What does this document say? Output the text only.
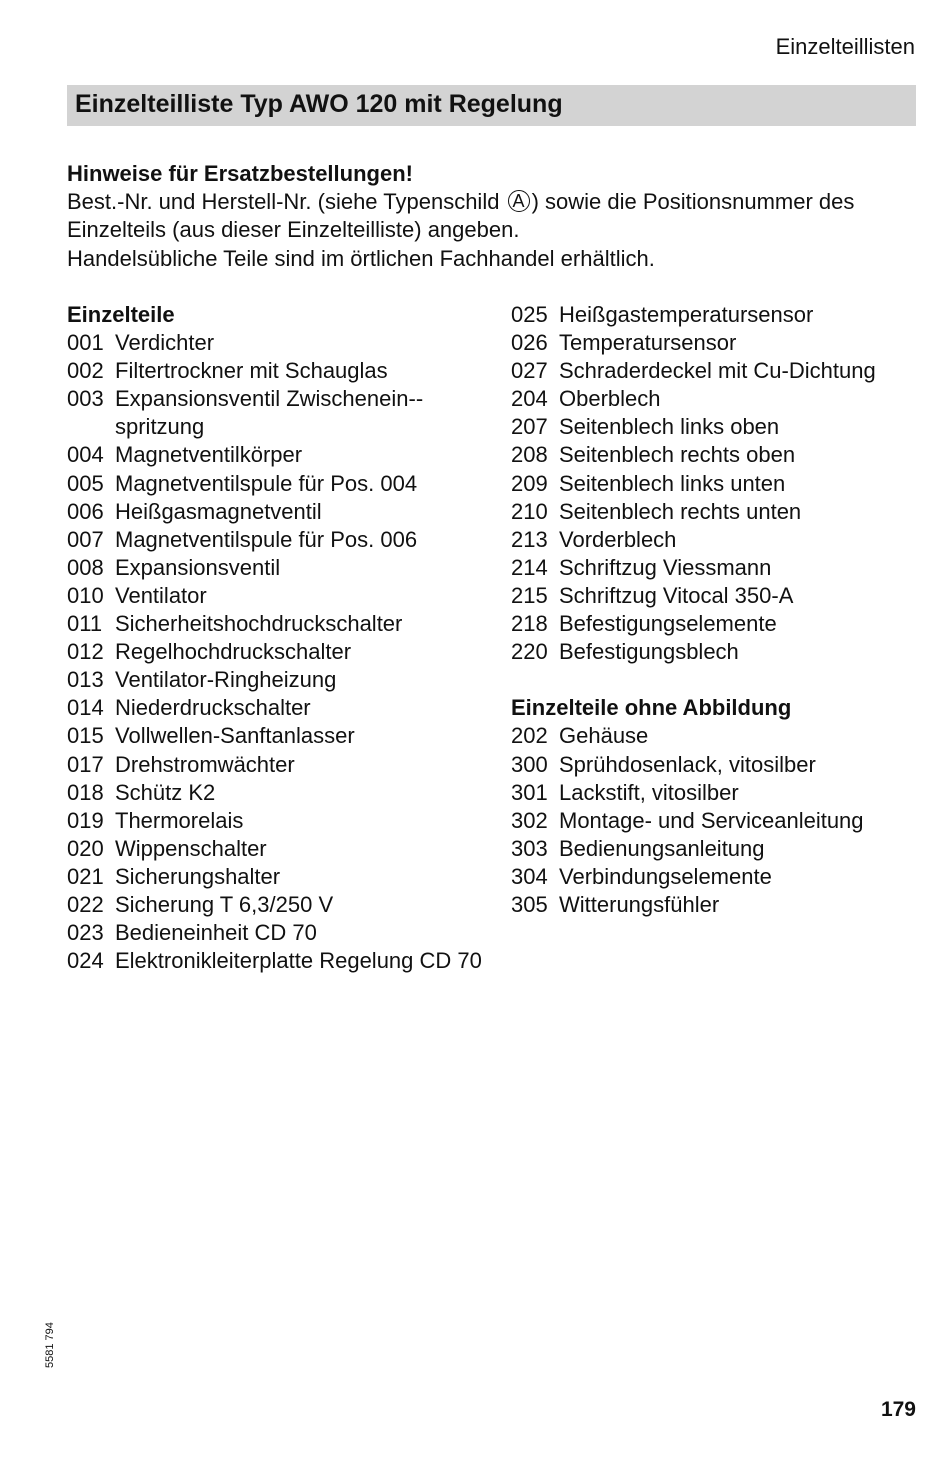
Einzelteillisten
Einzelteilliste Typ AWO 120 mit Regelung
Hinweise für Ersatzbestellungen!
Best.-Nr. und Herstell-Nr. (siehe Typenschild A ) sowie die Positionsnummer des Einzelteils (aus dieser Einzelteilliste) angeben.
Handelsübliche Teile sind im örtlichen Fachhandel erhältlich.
Einzelteile
001 Verdichter
002 Filtertrockner mit Schauglas
003 Expansionsventil Zwischenein-spritzung
004 Magnetventilkörper
005 Magnetventilspule für Pos. 004
006 Heißgasmagnetventil
007 Magnetventilspule für Pos. 006
008 Expansionsventil
010 Ventilator
011 Sicherheitshochdruckschalter
012 Regelhochdruckschalter
013 Ventilator-Ringheizung
014 Niederdruckschalter
015 Vollwellen-Sanftanlasser
017 Drehstromwächter
018 Schütz K2
019 Thermorelais
020 Wippenschalter
021 Sicherungshalter
022 Sicherung T 6,3/250 V
023 Bedieneinheit CD 70
024 Elektronikleiterplatte Regelung CD 70
025 Heißgastemperatursensor
026 Temperatursensor
027 Schraderdeckel mit Cu-Dichtung
204 Oberblech
207 Seitenblech links oben
208 Seitenblech rechts oben
209 Seitenblech links unten
210 Seitenblech rechts unten
213 Vorderblech
214 Schriftzug Viessmann
215 Schriftzug Vitocal 350-A
218 Befestigungselemente
220 Befestigungsblech
Einzelteile ohne Abbildung
202 Gehäuse
300 Sprühdosenlack, vitosilber
301 Lackstift, vitosilber
302 Montage- und Serviceanleitung
303 Bedienungsanleitung
304 Verbindungselemente
305 Witterungsfühler
5581 794
179
